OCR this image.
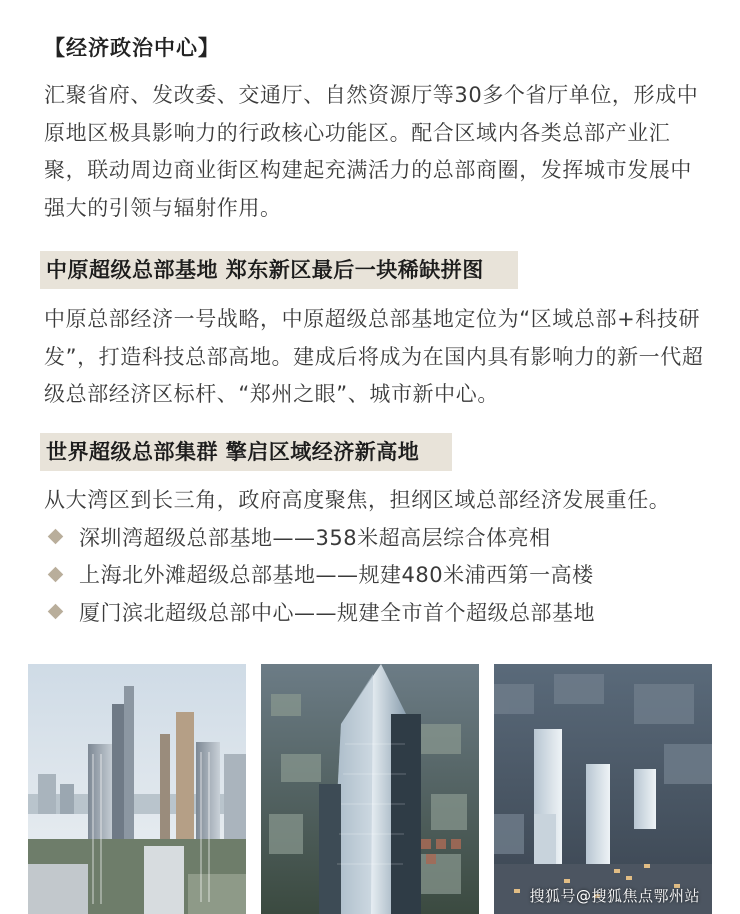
【经济政治中心】
汇聚省府、发改委、交通厅、自然资源厅等30多个省厅单位，形成中原地区极具影响力的行政核心功能区。配合区域内各类总部产业汇聚，联动周边商业街区构建起充满活力的总部商圈，发挥城市发展中强大的引领与辐射作用。
中原超级总部基地 郑东新区最后一块稀缺拼图
中原总部经济一号战略，中原超级总部基地定位为“区域总部+科技研发”，打造科技总部高地。建成后将成为在国内具有影响力的新一代超级总部经济区标杆、“郑州之眼”、城市新中心。
世界超级总部集群 擎启区域经济新高地
从大湾区到长三角，政府高度聚焦，担纲区域总部经济发展重任。
深圳湾超级总部基地——358米超高层综合体亮相
上海北外滩超级总部基地——规建480米浦西第一高楼
厦门滨北超级总部中心——规建全市首个超级总部基地
搜狐号@搜狐焦点鄂州站
